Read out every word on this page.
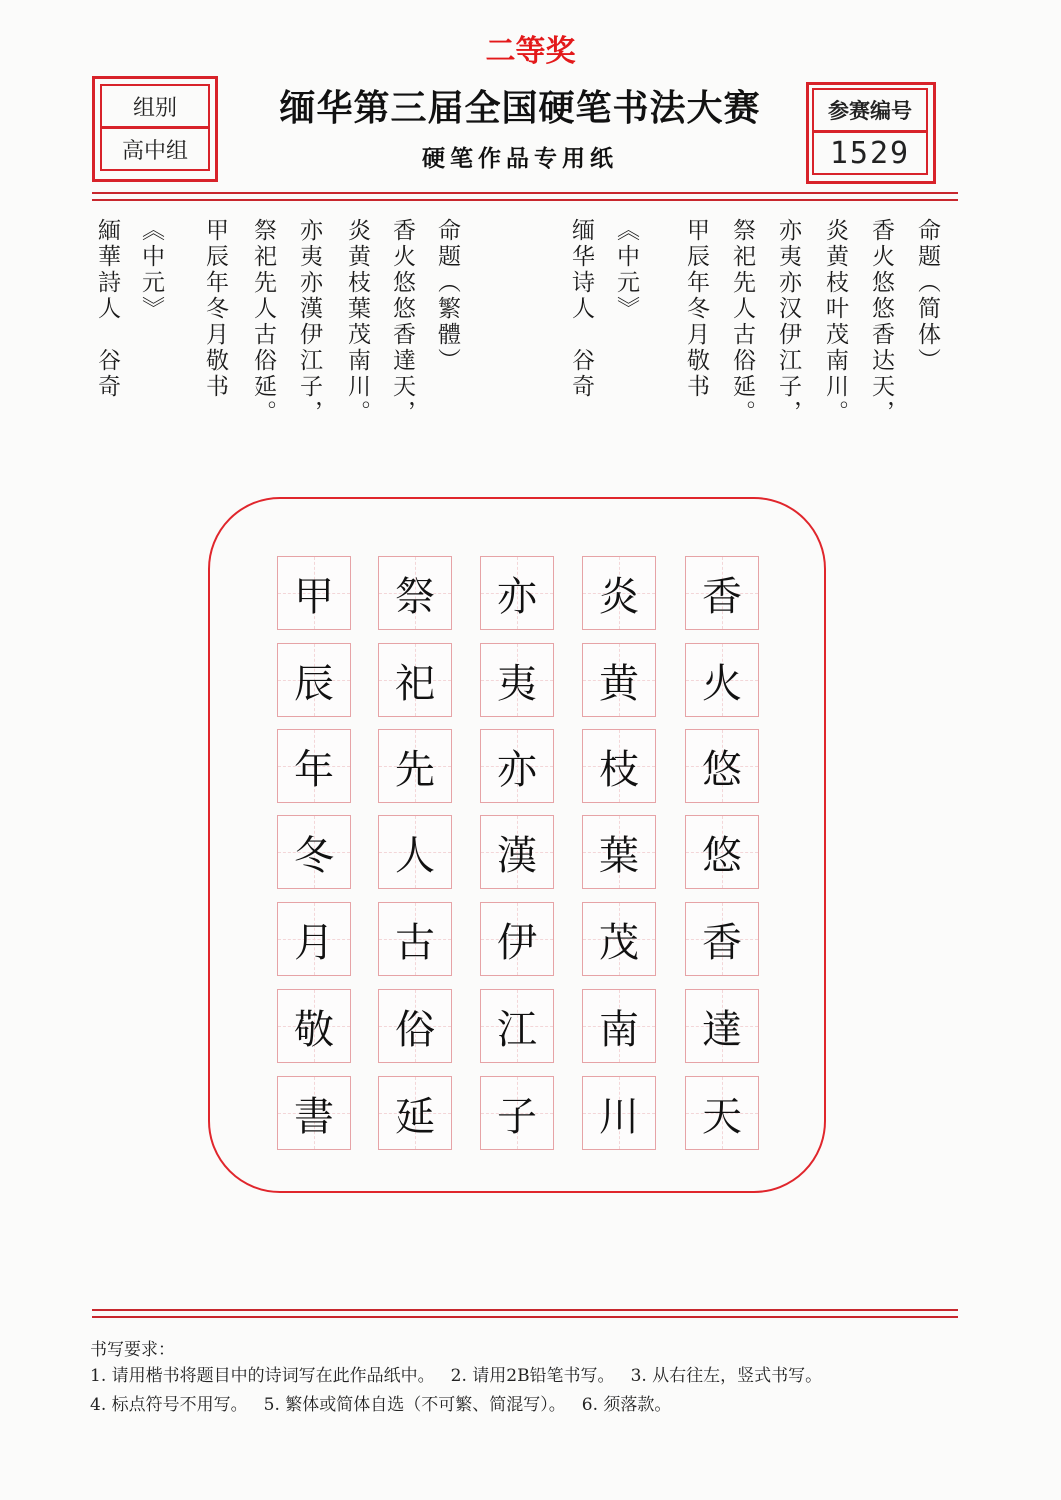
二等奖
组别
高中组
缅华第三届全国硬笔书法大赛
硬笔作品专用纸
参赛编号
1529
命题（繁體）
香火悠悠香達天，
炎黄枝葉茂南川。
亦夷亦漢伊江子，
祭祀先人古俗延。
甲辰年冬月敬书
《中元》
緬華詩人　谷奇	命题（简体）
香火悠悠香达天，
炎黄枝叶茂南川。
亦夷亦汉伊江子，
祭祀先人古俗延。
甲辰年冬月敬书
《中元》
缅华诗人　谷奇
香
火
悠
悠
香
達
天
炎
黄
枝
葉
茂
南
川
亦
夷
亦
漢
伊
江
子
祭
祀
先
人
古
俗
延
甲
辰
年
冬
月
敬
書
书写要求：
1. 请用楷书将题目中的诗词写在此作品纸中。 2. 请用2B铅笔书写。 3. 从右往左，竖式书写。
4. 标点符号不用写。 5. 繁体或简体自选（不可繁、简混写）。 6. 须落款。
